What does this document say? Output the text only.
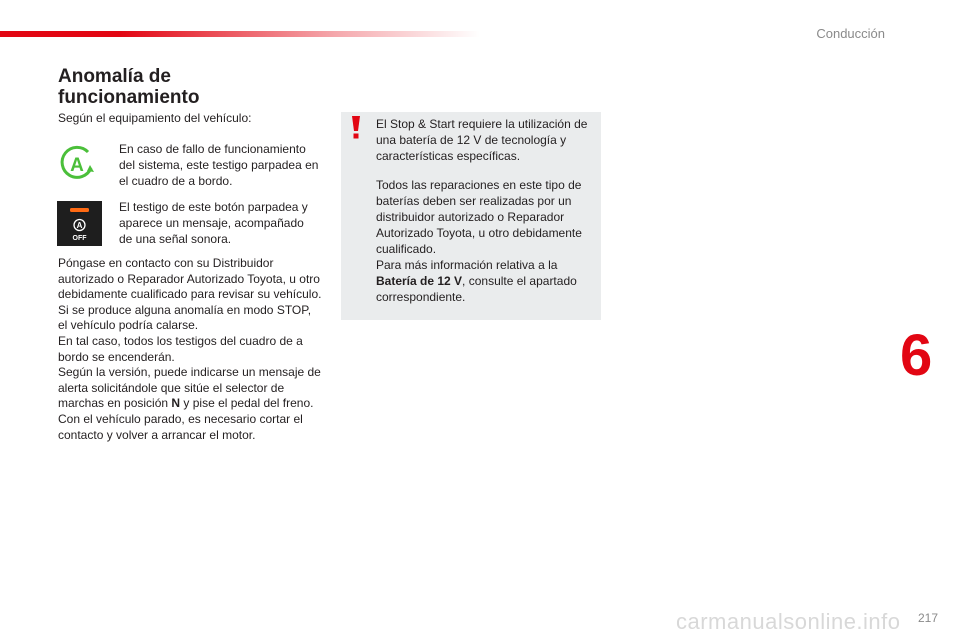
Conducción
Anomalía de funcionamiento
Según el equipamiento del vehículo:
A
En caso de fallo de funcionamiento del sistema, este testigo parpadea en el cuadro de a bordo.
A
OFF
El testigo de este botón parpadea y aparece un mensaje, acompañado de una señal sonora.

Póngase en contacto con su Distribuidor autorizado o Reparador Autorizado Toyota, u otro debidamente cualificado para revisar su vehículo.

Si se produce alguna anomalía en modo STOP, el vehículo podría calarse.

En tal caso, todos los testigos del cuadro de a bordo se encenderán.

Según la versión, puede indicarse un mensaje de alerta solicitándole que sitúe el selector de marchas en posición N y pise el pedal del freno.

Con el vehículo parado, es necesario cortar el contacto y volver a arrancar el motor.

El Stop & Start requiere la utilización de una batería de 12 V de tecnología y características específicas.

Todos las reparaciones en este tipo de baterías deben ser realizadas por un distribuidor autorizado o Reparador Autorizado Toyota, u otro debidamente cualificado.
Para más información relativa a la Batería de 12 V, consulte el apartado correspondiente.

6
217
carmanualsonline.info
